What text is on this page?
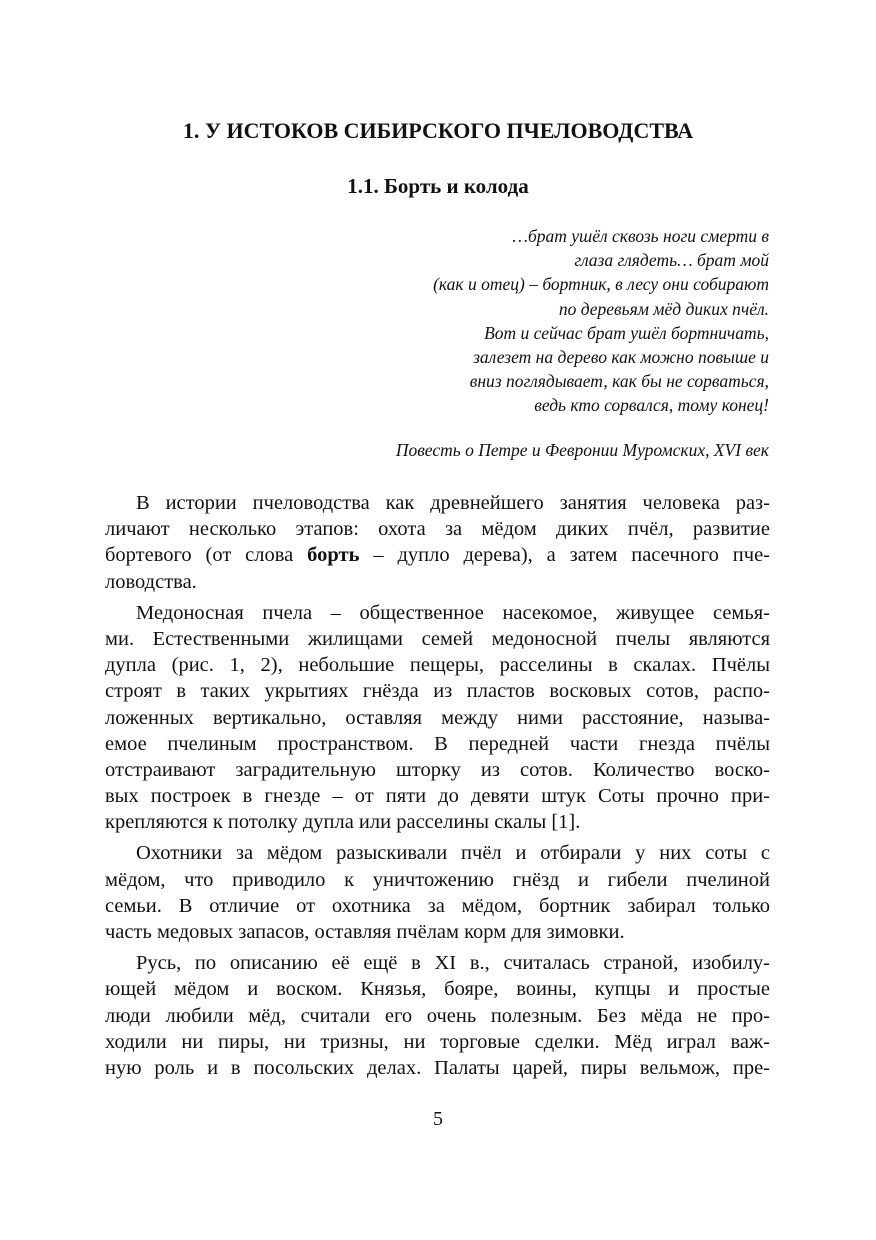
1. У ИСТОКОВ СИБИРСКОГО ПЧЕЛОВОДСТВА
1.1. Борть и колода
…брат ушёл сквозь ноги смерти в
глаза глядеть… брат мой
(как и отец) – бортник, в лесу они собирают
по деревьям мёд диких пчёл.
Вот и сейчас брат ушёл бортничать,
залезет на дерево как можно повыше и
вниз поглядывает, как бы не сорваться,
ведь кто сорвался, тому конец!
Повесть о Петре и Февронии Муромских, XVI век
В истории пчеловодства как древнейшего занятия человека раз-
личают несколько этапов: охота за мёдом диких пчёл, развитие
бортевого (от слова борть – дупло дерева), а затем пасечного пче-
ловодства.
Медоносная пчела – общественное насекомое, живущее семья-
ми. Естественными жилищами семей медоносной пчелы являются
дупла (рис. 1, 2), небольшие пещеры, расселины в скалах. Пчёлы
строят в таких укрытиях гнёзда из пластов восковых сотов, распо-
ложенных вертикально, оставляя между ними расстояние, называ-
емое пчелиным пространством. В передней части гнезда пчёлы
отстраивают заградительную шторку из сотов. Количество воско-
вых построек в гнезде – от пяти до девяти штук Соты прочно при-
крепляются к потолку дупла или расселины скалы [1].
Охотники за мёдом разыскивали пчёл и отбирали у них соты с
мёдом, что приводило к уничтожению гнёзд и гибели пчелиной
семьи. В отличие от охотника за мёдом, бортник забирал только
часть медовых запасов, оставляя пчёлам корм для зимовки.
Русь, по описанию её ещё в XI в., считалась страной, изобилу-
ющей мёдом и воском. Князья, бояре, воины, купцы и простые
люди любили мёд, считали его очень полезным. Без мёда не про-
ходили ни пиры, ни тризны, ни торговые сделки. Мёд играл важ-
ную роль и в посольских делах. Палаты царей, пиры вельмож, пре-
5
